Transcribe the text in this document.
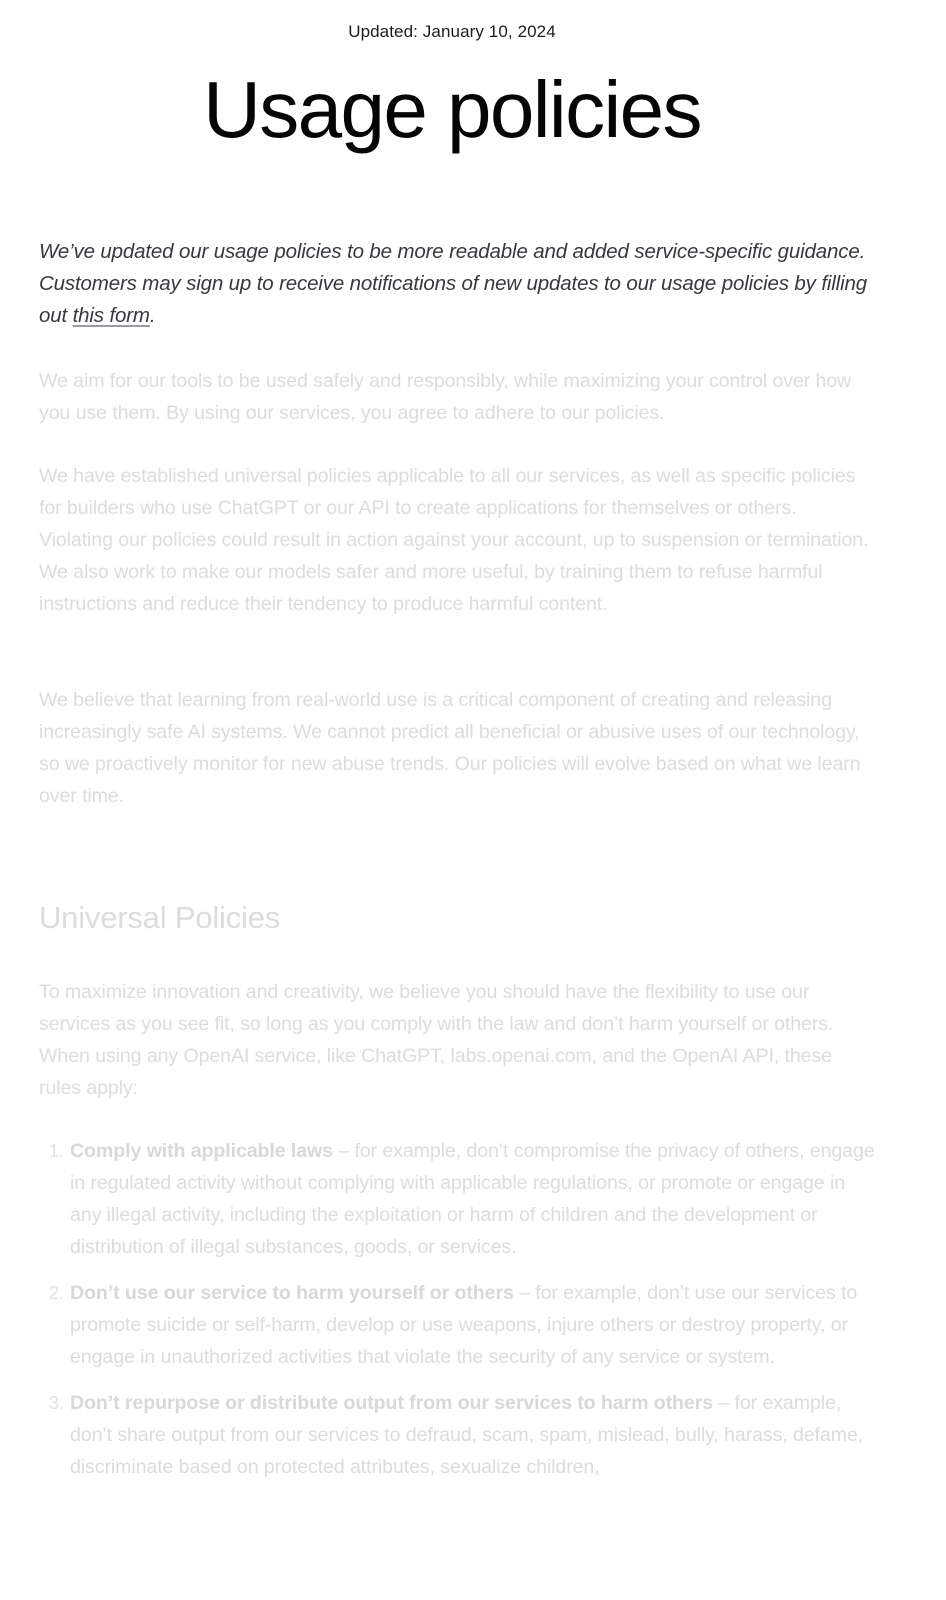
Updated: January 10, 2024
Usage policies

We’ve updated our usage policies to be more readable and added service-specific guidance. Customers may sign up to receive notifications of new updates to our usage policies by filling out this form.

We aim for our tools to be used safely and responsibly, while maximizing your control over how you use them. By using our services, you agree to adhere to our policies.

We have established universal policies applicable to all our services, as well as specific policies for builders who use ChatGPT or our API to create applications for themselves or others. Violating our policies could result in action against your account, up to suspension or termination. We also work to make our models safer and more useful, by training them to refuse harmful instructions and reduce their tendency to produce harmful content.

We believe that learning from real-world use is a critical component of creating and releasing increasingly safe AI systems. We cannot predict all beneficial or abusive uses of our technology, so we proactively monitor for new abuse trends. Our policies will evolve based on what we learn over time.

Universal Policies

To maximize innovation and creativity, we believe you should have the flexibility to use our services as you see fit, so long as you comply with the law and don’t harm yourself or others. When using any OpenAI service, like ChatGPT, labs.openai.com, and the OpenAI API, these rules apply:

1. Comply with applicable laws – for example, don’t compromise the privacy of others, engage in regulated activity without complying with applicable regulations, or promote or engage in any illegal activity, including the exploitation or harm of children and the development or distribution of illegal substances, goods, or services.
2. Don’t use our service to harm yourself or others – for example, don’t use our services to promote suicide or self-harm, develop or use weapons, injure others or destroy property, or engage in unauthorized activities that violate the security of any service or system.
3. Don’t repurpose or distribute output from our services to harm others – for example, don’t share output from our services to defraud, scam, spam, mislead, bully, harass, defame, discriminate based on protected attributes, sexualize children,
